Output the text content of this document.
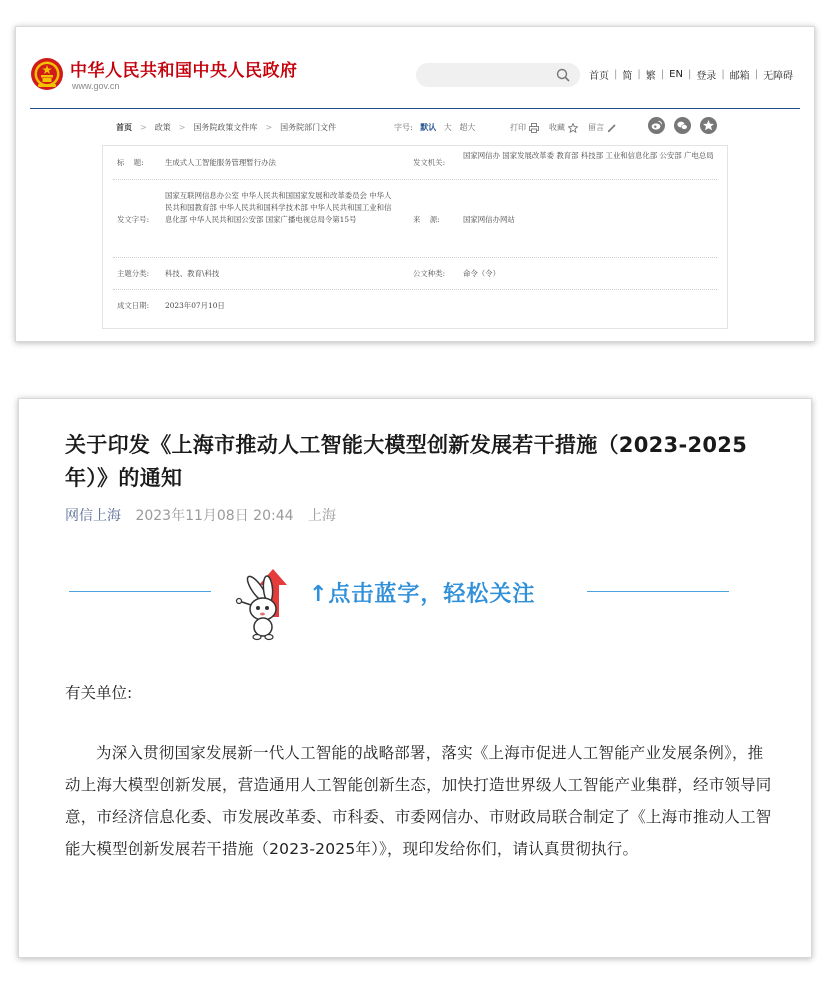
中华人民共和国中央人民政府
www.gov.cn
首页 | 简 | 繁 | EN | 登录 | 邮箱 | 无障碍
首页 > 政策 > 国务院政策文件库 > 国务院部门文件	字号: 默认 大 超大	打印	收藏	留言
标    题:	生成式人工智能服务管理暂行办法	发文机关:
国家网信办 国家发展改革委 教育部 科技部 工业和信息化部 公安部 广电总局
发文字号:
国家互联网信息办公室 中华人民共和国国家发展和改革委员会 中华人民共和国教育部 中华人民共和国科学技术部 中华人民共和国工业和信息化部 中华人民共和国公安部 国家广播电视总局令第15号	来    源:	国家网信办网站
主题分类: 科技、教育\科技	公文种类: 命令（令）
成文日期: 2023年07月10日
关于印发《上海市推动人工智能大模型创新发展若干措施（2023-2025年）》的通知
网信上海 2023年11月08日 20:44 上海
↑点击蓝字，轻松关注
有关单位:

为深入贯彻国家发展新一代人工智能的战略部署，落实《上海市促进人工智能产业发展条例》，推动上海大模型创新发展，营造通用人工智能创新生态，加快打造世界级人工智能产业集群，经市领导同意，市经济信息化委、市发展改革委、市科委、市委网信办、市财政局联合制定了《上海市推动人工智能大模型创新发展若干措施（2023-2025年）》，现印发给你们，请认真贯彻执行。
